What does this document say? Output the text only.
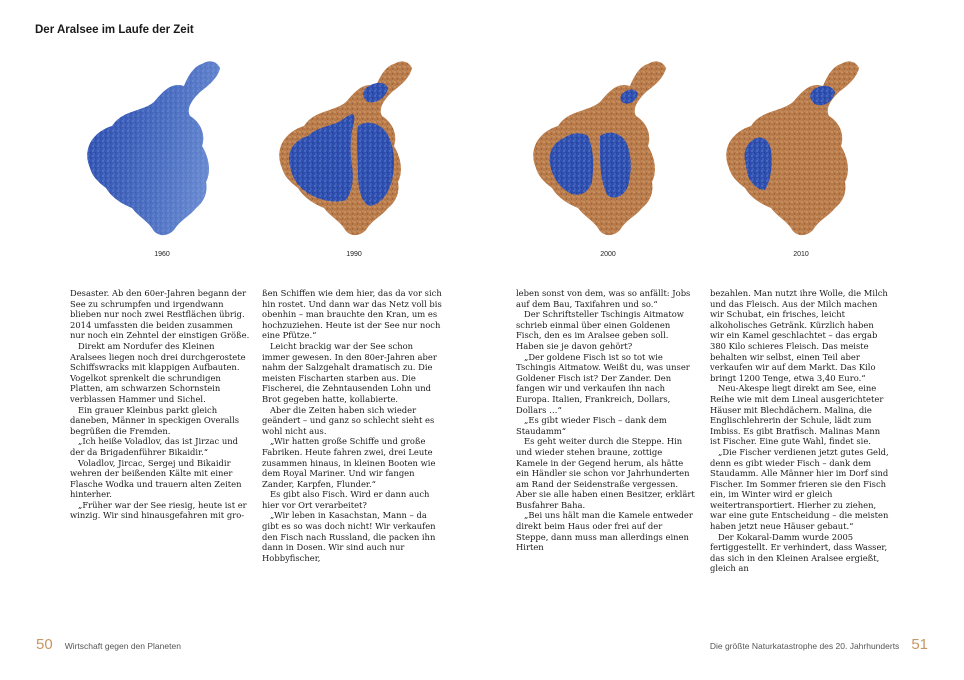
Der Aralsee im Laufe der Zeit
1960	1990	2000	2010

Desaster. Ab den 60er-Jahren begann der See zu schrumpfen und irgendwann blieben nur noch zwei Restflächen übrig. 2014 umfassten die beiden zusammen nur noch ein Zehntel der einstigen Größe.

Direkt am Nordufer des Kleinen Aralsees liegen noch drei durchgerostete Schiffswracks mit klappigen Aufbauten. Vogelkot sprenkelt die schrundigen Platten, am schwarzen Schornstein verblassen Hammer und Sichel.

Ein grauer Kleinbus parkt gleich daneben, Männer in speckigen Overalls begrüßen die Fremden.

„Ich heiße Voladlov, das ist Jirzac und der da Brigadenführer Bikaidir.“

Voladlov, Jircac, Sergej und Bikaidir wehren der beißenden Kälte mit einer Flasche Wodka und trauern alten Zeiten hinterher.

„Früher war der See riesig, heute ist er winzig. Wir sind hinausgefahren mit gro-

ßen Schiffen wie dem hier, das da vor sich hin rostet. Und dann war das Netz voll bis obenhin – man brauchte den Kran, um es hochzuziehen. Heute ist der See nur noch eine Pfütze.“

Leicht brackig war der See schon immer gewesen. In den 80er-Jahren aber nahm der Salzgehalt dramatisch zu. Die meisten Fischarten starben aus. Die Fischerei, die Zehntausenden Lohn und Brot gegeben hatte, kollabierte.

Aber die Zeiten haben sich wieder geändert – und ganz so schlecht sieht es wohl nicht aus.

„Wir hatten große Schiffe und große Fabriken. Heute fahren zwei, drei Leute zusammen hinaus, in kleinen Booten wie dem Royal Mariner. Und wir fangen Zander, Karpfen, Flunder.“

Es gibt also Fisch. Wird er dann auch hier vor Ort verarbeitet?

„Wir leben in Kasachstan, Mann – da gibt es so was doch nicht! Wir verkaufen den Fisch nach Russland, die packen ihn dann in Dosen. Wir sind auch nur Hobbyfischer,

leben sonst von dem, was so anfällt: Jobs auf dem Bau, Taxifahren und so.“

Der Schriftsteller Tschingis Aitmatow schrieb einmal über einen Goldenen Fisch, den es im Aralsee geben soll. Haben sie je davon gehört?

„Der goldene Fisch ist so tot wie Tschingis Aitmatow. Weißt du, was unser Goldener Fisch ist? Der Zander. Den fangen wir und verkaufen ihn nach Europa. Italien, Frankreich, Dollars, Dollars …“

„Es gibt wieder Fisch – dank dem Staudamm“

Es geht weiter durch die Steppe. Hin und wieder stehen braune, zottige Kamele in der Gegend herum, als hätte ein Händler sie schon vor Jahrhunderten am Rand der Seidenstraße vergessen. Aber sie alle haben einen Besitzer, erklärt Busfahrer Baha.

„Bei uns hält man die Kamele entweder direkt beim Haus oder frei auf der Steppe, dann muss man allerdings einen Hirten

bezahlen. Man nutzt ihre Wolle, die Milch und das Fleisch. Aus der Milch machen wir Schubat, ein frisches, leicht alkoholisches Getränk. Kürzlich haben wir ein Kamel geschlachtet – das ergab 380 Kilo schieres Fleisch. Das meiste behalten wir selbst, einen Teil aber verkaufen wir auf dem Markt. Das Kilo bringt 1200 Tenge, etwa 3,40 Euro.“

Neu-Akespe liegt direkt am See, eine Reihe wie mit dem Lineal ausgerichteter Häuser mit Blechdächern. Malina, die Englischlehrerin der Schule, lädt zum Imbiss. Es gibt Bratfisch. Malinas Mann ist Fischer. Eine gute Wahl, findet sie.

„Die Fischer verdienen jetzt gutes Geld, denn es gibt wieder Fisch – dank dem Staudamm. Alle Männer hier im Dorf sind Fischer. Im Sommer frieren sie den Fisch ein, im Winter wird er gleich weitertransportiert. Hierher zu ziehen, war eine gute Entscheidung – die meisten haben jetzt neue Häuser gebaut.“

Der Kokaral-Damm wurde 2005 fertiggestellt. Er verhindert, dass Wasser, das sich in den Kleinen Aralsee ergießt, gleich an

50 Wirtschaft gegen den Planeten	Die größte Naturkatastrophe des 20. Jahrhunderts 51
